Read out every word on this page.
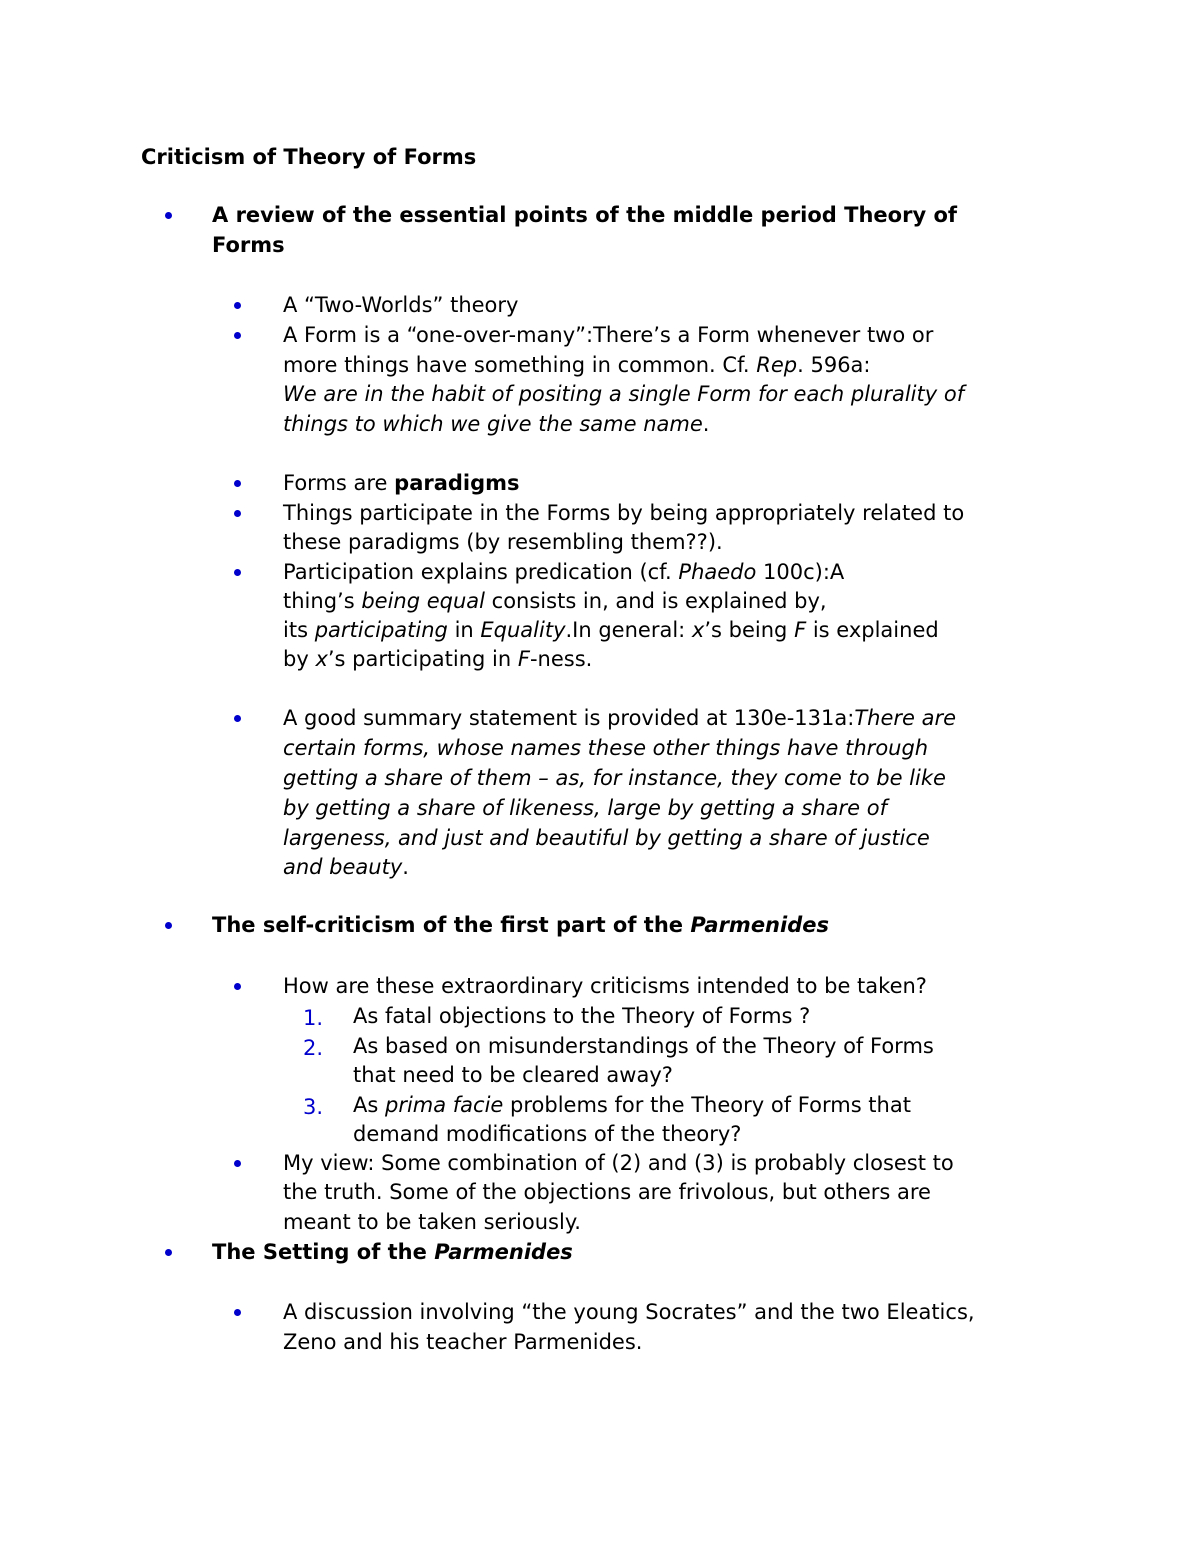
Criticism of Theory of Forms
A review of the essential points of the middle period Theory of
Forms
A “Two-Worlds” theory
A Form is a “one-over-many”:There’s a Form whenever two or
more things have something in common. Cf. Rep. 596a:
We are in the habit of positing a single Form for each plurality of
things to which we give the same name.
Forms are paradigms
Things participate in the Forms by being appropriately related to
these paradigms (by resembling them??).
Participation explains predication (cf. Phaedo 100c):A
thing’s being equal consists in, and is explained by,
its participating in Equality.In general: x’s being F is explained
by x’s participating in F-ness.
A good summary statement is provided at 130e-131a:There are
certain forms, whose names these other things have through
getting a share of them – as, for instance, they come to be like
by getting a share of likeness, large by getting a share of
largeness, and just and beautiful by getting a share of justice
and beauty.
The self-criticism of the first part of the Parmenides
How are these extraordinary criticisms intended to be taken?
1. As fatal objections to the Theory of Forms ?
2. As based on misunderstandings of the Theory of Forms
that need to be cleared away?
3. As prima facie problems for the Theory of Forms that
demand modifications of the theory?
My view: Some combination of (2) and (3) is probably closest to
the truth. Some of the objections are frivolous, but others are
meant to be taken seriously.
The Setting of the Parmenides
A discussion involving “the young Socrates” and the two Eleatics,
Zeno and his teacher Parmenides.
